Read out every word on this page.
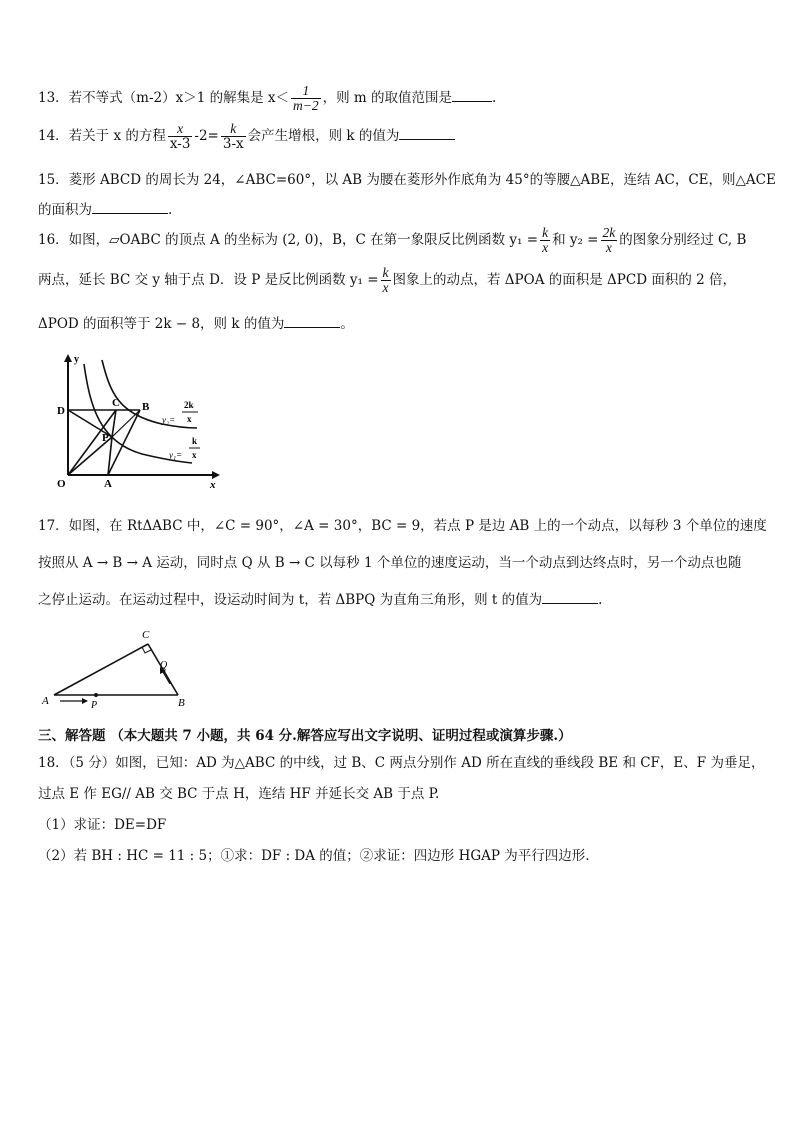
13．若不等式（m-2）x＞1 的解集是 $x< \frac{1}{m-2}$ ，则 m 的取值范围是	.
14．若关于 x 的方程 $\frac{x}{x-3} -2= \frac{k}{3-x}$ 会产生增根，则 k 的值为
15．菱形 ABCD 的周长为 24，∠ABC=60°，以 AB 为腰在菱形外作底角为 45°的等腰△ABE，连结 AC，CE，则△ACE
的面积为	.
16．如图，▱OABC 的顶点 A 的坐标为 (2, 0)，B，C 在第一象限反比例函数 $y_1 = \frac{k}{x}$ 和 $y_2 = \frac{2k}{x}$ 的图象分别经过 C, B
两点，延长 BC 交 y 轴于点 D．设 P 是反比例函数 $y_1 = \frac{k}{x}$ 图象上的动点，若 ΔPOA 的面积是 ΔPCD 面积的 2 倍，
ΔPOD 的面积等于 2k − 8，则 k 的值为	。
y
x
O	A
D
C B
P
y₂=
2k
x
y₁=
k
x
17．如图，在 RtΔABC 中，∠C = 90°，∠A = 30°，BC = 9，若点 P 是边 AB 上的一个动点，以每秒 3 个单位的速度
按照从 A → B → A 运动，同时点 Q 从 B → C 以每秒 1 个单位的速度运动，当一个动点到达终点时，另一个动点也随
之停止运动。在运动过程中，设运动时间为 t，若 ΔBPQ 为直角三角形，则 t 的值为	.
A	B
C
P
Q
三、解答题 （本大题共 7 小题，共 64 分.解答应写出文字说明、证明过程或演算步骤.）
18．（5 分）如图，已知：AD 为△ABC 的中线，过 B、C 两点分别作 AD 所在直线的垂线段 BE 和 CF，E、F 为垂足，
过点 E 作 EG// AB 交 BC 于点 H，连结 HF 并延长交 AB 于点 P.
（1）求证：DE=DF
（2）若 BH : HC = 11 : 5；①求：DF : DA 的值；②求证：四边形 HGAP 为平行四边形.
